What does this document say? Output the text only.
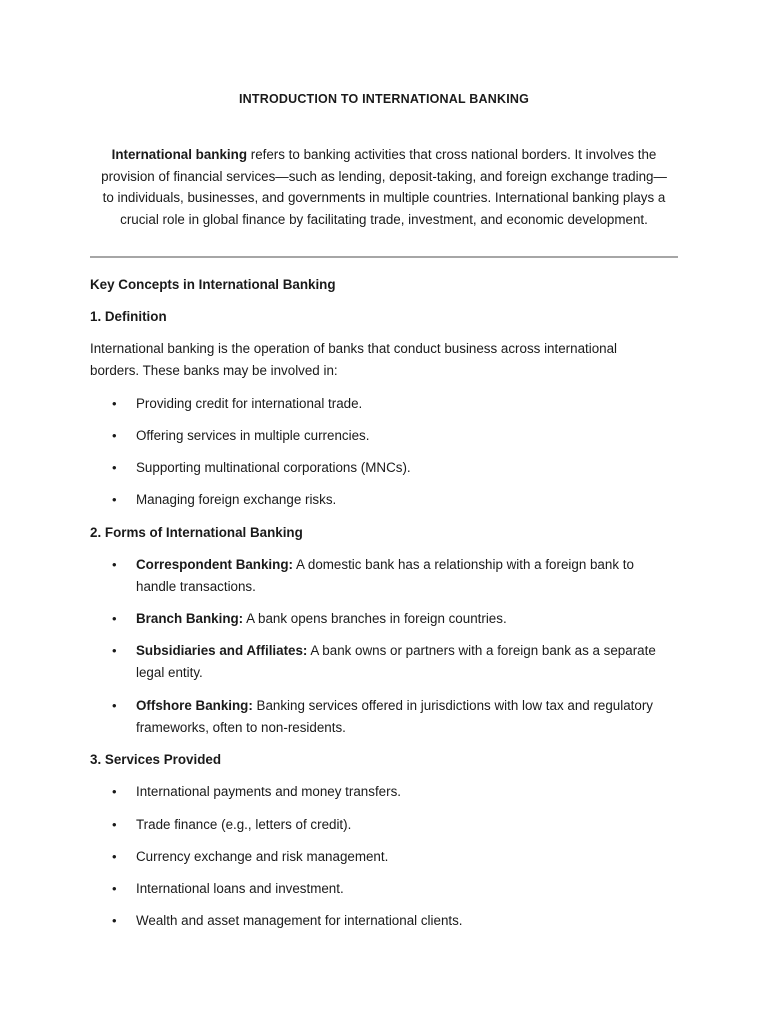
INTRODUCTION TO INTERNATIONAL BANKING
International banking refers to banking activities that cross national borders. It involves the
provision of financial services—such as lending, deposit-taking, and foreign exchange trading—
to individuals, businesses, and governments in multiple countries. International banking plays a
crucial role in global finance by facilitating trade, investment, and economic development.
Key Concepts in International Banking
1. Definition
International banking is the operation of banks that conduct business across international
borders. These banks may be involved in:
•	Providing credit for international trade.
•	Offering services in multiple currencies.
•	Supporting multinational corporations (MNCs).
•	Managing foreign exchange risks.
2. Forms of International Banking
•	Correspondent Banking: A domestic bank has a relationship with a foreign bank to
handle transactions.
•	Branch Banking: A bank opens branches in foreign countries.
•	Subsidiaries and Affiliates: A bank owns or partners with a foreign bank as a separate
legal entity.
•	Offshore Banking: Banking services offered in jurisdictions with low tax and regulatory
frameworks, often to non-residents.
3. Services Provided
•	International payments and money transfers.
•	Trade finance (e.g., letters of credit).
•	Currency exchange and risk management.
•	International loans and investment.
•	Wealth and asset management for international clients.
